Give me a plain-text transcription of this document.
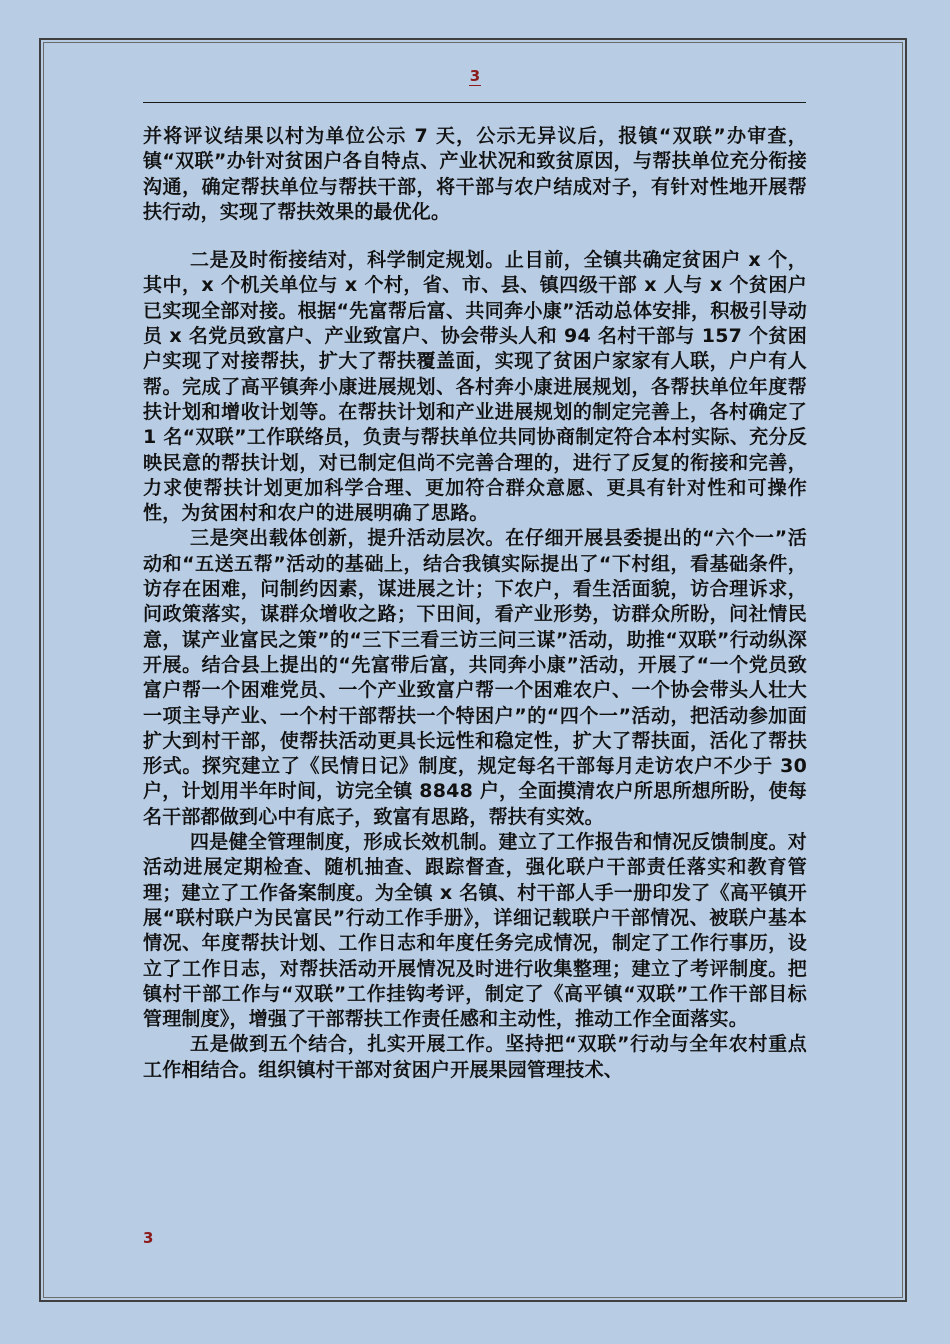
3

并将评议结果以村为单位公示 7 天，公示无异议后，报镇“双联”办审查，镇“双联”办针对贫困户各自特点、产业状况和致贫原因，与帮扶单位充分衔接沟通，确定帮扶单位与帮扶干部，将干部与农户结成对子，有针对性地开展帮扶行动，实现了帮扶效果的最优化。

二是及时衔接结对，科学制定规划。止目前，全镇共确定贫困户 x 个，其中，x 个机关单位与 x 个村，省、市、县、镇四级干部 x 人与 x 个贫困户已实现全部对接。根据“先富帮后富、共同奔小康”活动总体安排，积极引导动员 x 名党员致富户、产业致富户、协会带头人和 94 名村干部与 157 个贫困户实现了对接帮扶，扩大了帮扶覆盖面，实现了贫困户家家有人联，户户有人帮。完成了高平镇奔小康进展规划、各村奔小康进展规划，各帮扶单位年度帮扶计划和增收计划等。在帮扶计划和产业进展规划的制定完善上，各村确定了 1 名“双联”工作联络员，负责与帮扶单位共同协商制定符合本村实际、充分反映民意的帮扶计划，对已制定但尚不完善合理的，进行了反复的衔接和完善，力求使帮扶计划更加科学合理、更加符合群众意愿、更具有针对性和可操作性，为贫困村和农户的进展明确了思路。

三是突出载体创新，提升活动层次。在仔细开展县委提出的“六个一”活动和“五送五帮”活动的基础上，结合我镇实际提出了“下村组，看基础条件，访存在困难，问制约因素，谋进展之计；下农户，看生活面貌，访合理诉求，问政策落实，谋群众增收之路；下田间，看产业形势，访群众所盼，问社情民意，谋产业富民之策”的“三下三看三访三问三谋”活动，助推“双联”行动纵深开展。结合县上提出的“先富带后富，共同奔小康”活动，开展了“一个党员致富户帮一个困难党员、一个产业致富户帮一个困难农户、一个协会带头人壮大一项主导产业、一个村干部帮扶一个特困户”的“四个一”活动，把活动参加面扩大到村干部，使帮扶活动更具长远性和稳定性，扩大了帮扶面，活化了帮扶形式。探究建立了《民情日记》制度，规定每名干部每月走访农户不少于 30 户，计划用半年时间，访完全镇 8848 户，全面摸清农户所思所想所盼，使每名干部都做到心中有底子，致富有思路，帮扶有实效。

四是健全管理制度，形成长效机制。建立了工作报告和情况反馈制度。对活动进展定期检查、随机抽查、跟踪督查，强化联户干部责任落实和教育管理；建立了工作备案制度。为全镇 x 名镇、村干部人手一册印发了《高平镇开展“联村联户为民富民”行动工作手册》，详细记载联户干部情况、被联户基本情况、年度帮扶计划、工作日志和年度任务完成情况，制定了工作行事历，设立了工作日志，对帮扶活动开展情况及时进行收集整理；建立了考评制度。把镇村干部工作与“双联”工作挂钩考评，制定了《高平镇“双联”工作干部目标管理制度》，增强了干部帮扶工作责任感和主动性，推动工作全面落实。

五是做到五个结合，扎实开展工作。坚持把“双联”行动与全年农村重点工作相结合。组织镇村干部对贫困户开展果园管理技术、

3
